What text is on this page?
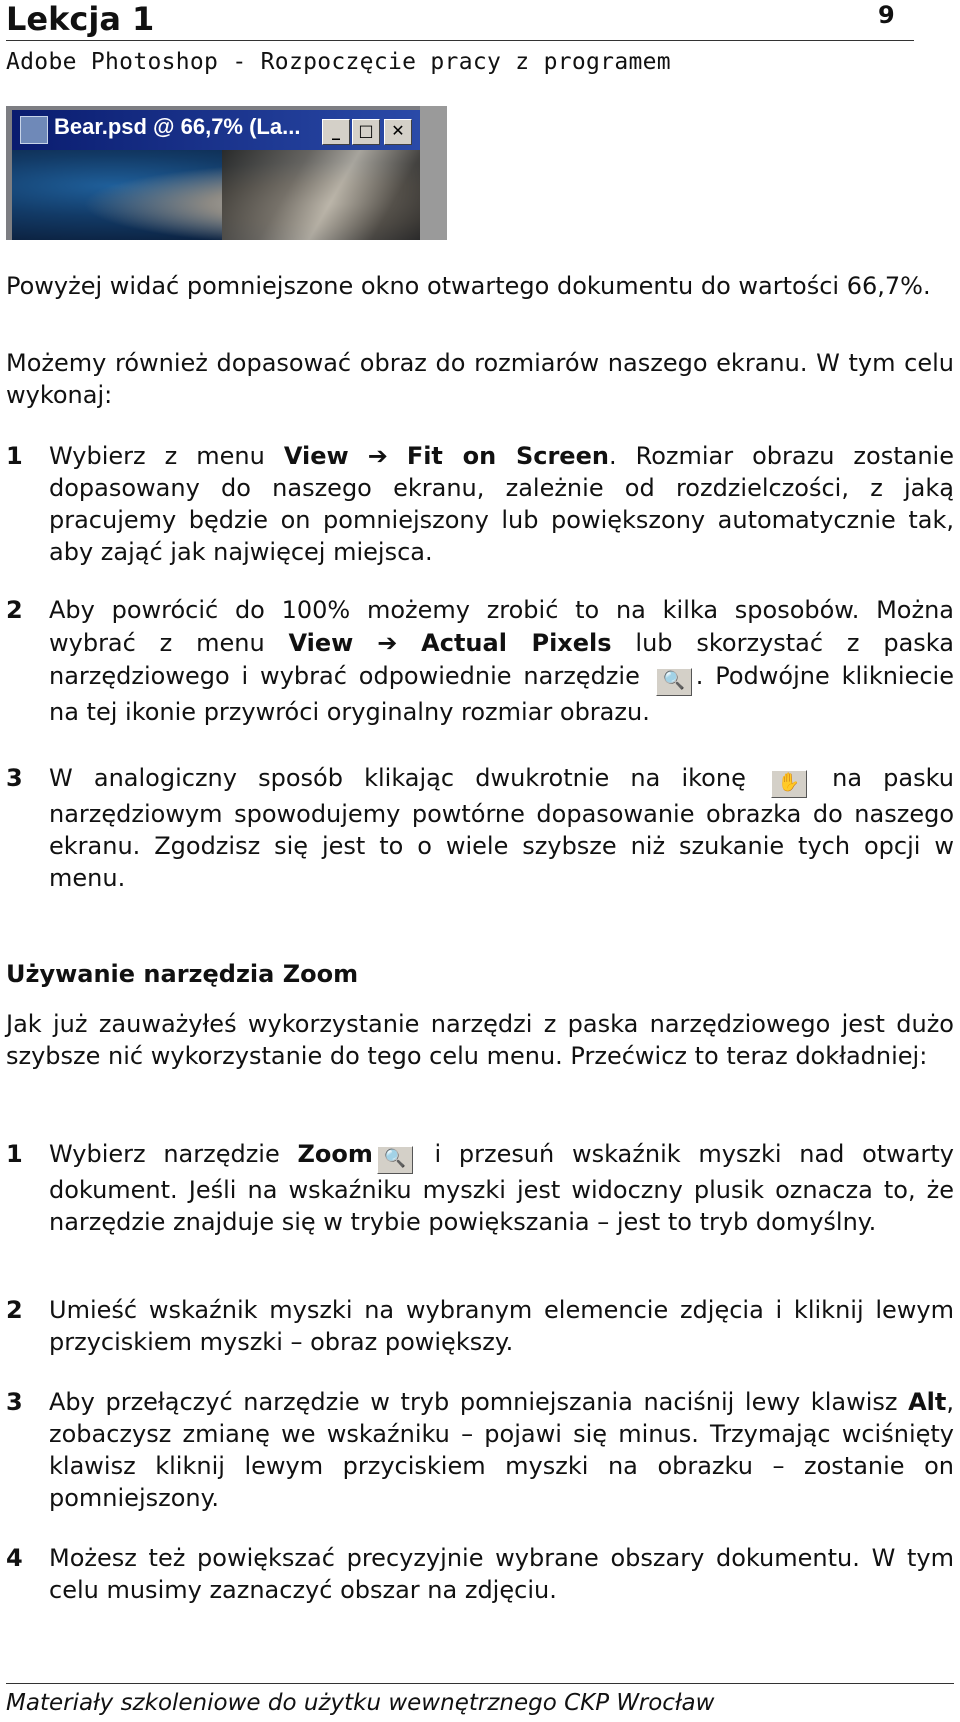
Lekcja 1	9
Adobe Photoshop - Rozpoczęcie pracy z programem
Bear.psd @ 66,7% (La...	_	□	✕
Powyżej widać pomniejszone okno otwartego dokumentu do wartości 66,7%.
Możemy również dopasować obraz do rozmiarów naszego ekranu. W tym celu wykonaj:
1 Wybierz z menu View ➔ Fit on Screen. Rozmiar obrazu zostanie dopasowany do naszego ekranu, zależnie od rozdzielczości, z jaką pracujemy będzie on pomniejszony lub powiększony automatycznie tak, aby zająć jak najwięcej miejsca.
2 Aby powrócić do 100% możemy zrobić to na kilka sposobów. Można wybrać z menu View ➔ Actual Pixels lub skorzystać z paska narzędziowego i wybrać odpowiednie narzędzie 🔍 . Podwójne klikniecie na tej ikonie przywróci oryginalny rozmiar obrazu.
3 W analogiczny sposób klikając dwukrotnie na ikonę ✋ na pasku narzędziowym spowodujemy powtórne dopasowanie obrazka do naszego ekranu. Zgodzisz się jest to o wiele szybsze niż szukanie tych opcji w menu.
Używanie narzędzia Zoom
Jak już zauważyłeś wykorzystanie narzędzi z paska narzędziowego jest dużo szybsze nić wykorzystanie do tego celu menu. Przećwicz to teraz dokładniej:
1 Wybierz narzędzie Zoom 🔍 i przesuń wskaźnik myszki nad otwarty dokument. Jeśli na wskaźniku myszki jest widoczny plusik oznacza to, że narzędzie znajduje się w trybie powiększania – jest to tryb domyślny.
2 Umieść wskaźnik myszki na wybranym elemencie zdjęcia i kliknij lewym przyciskiem myszki – obraz powiększy.
3 Aby przełączyć narzędzie w tryb pomniejszania naciśnij lewy klawisz Alt, zobaczysz zmianę we wskaźniku – pojawi się minus. Trzymając wciśnięty klawisz kliknij lewym przyciskiem myszki na obrazku – zostanie on pomniejszony.
4 Możesz też powiększać precyzyjnie wybrane obszary dokumentu. W tym celu musimy zaznaczyć obszar na zdjęciu.
Materiały szkoleniowe do użytku wewnętrznego CKP Wrocław
